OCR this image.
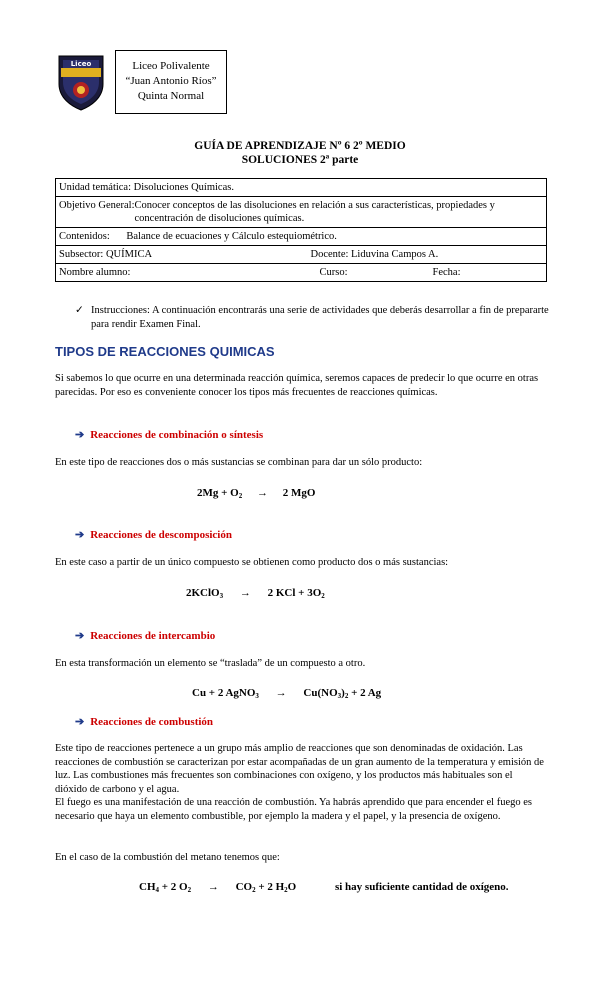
Liceo	Liceo Polivalente
“Juan Antonio Ríos”
Quinta Normal
GUÍA DE APRENDIZAJE Nº 6 2º MEDIO
SOLUCIONES 2ª parte
Unidad temática: Disoluciones Químicas.

Objetivo General: Conocer conceptos de las disoluciones en relación a sus características, propiedades y concentración de disoluciones químicas.

Contenidos: Balance de ecuaciones y Cálculo estequiométrico.
Subsector: QUÍMICA	Docente: Liduvina Campos A.

Nombre alumno:	Curso:	Fecha:
✓ Instrucciones: A continuación encontrarás una serie de actividades que deberás desarrollar a fin de prepararte para rendir Examen Final.
TIPOS DE REACCIONES QUIMICAS
Si sabemos lo que ocurre en una determinada reacción química, seremos capaces de predecir lo que ocurre en otras parecidas. Por eso es conveniente conocer los tipos más frecuentes de reacciones químicas.
➔ Reacciones de combinación o síntesis
En este tipo de reacciones dos o más sustancias se combinan para dar un sólo producto:
$2Mg + O_2 \to 2$ MgO
➔ Reacciones de descomposición
En este caso a partir de un único compuesto se obtienen como producto dos o más sustancias:
2KClO$_3$ → 2 KCl + $3O_2$
➔ Reacciones de intercambio
En esta transformación un elemento se “traslada” de un compuesto a otro.
Cu + 2 AgNO$_3$ → $Cu(NO_3)_2 + 2$ Ag
➔ Reacciones de combustión
Este tipo de reacciones pertenece a un grupo más amplio de reacciones que son denominadas de oxidación. Las reacciones de combustión se caracterizan por estar acompañadas de un gran aumento de la temperatura y emisión de luz. Las combustiones más frecuentes son combinaciones con oxígeno, y los productos más habituales son el dióxido de carbono y el agua.
El fuego es una manifestación de una reacción de combustión. Ya habrás aprendido que para encender el fuego es necesario que haya un elemento combustible, por ejemplo la madera y el papel, y la presencia de oxígeno.
En el caso de la combustión del metano tenemos que:
$CH_4 + 2$ $O_2 \to CO_2 + 2$ $H_2O$	si hay suficiente cantidad de oxígeno.
